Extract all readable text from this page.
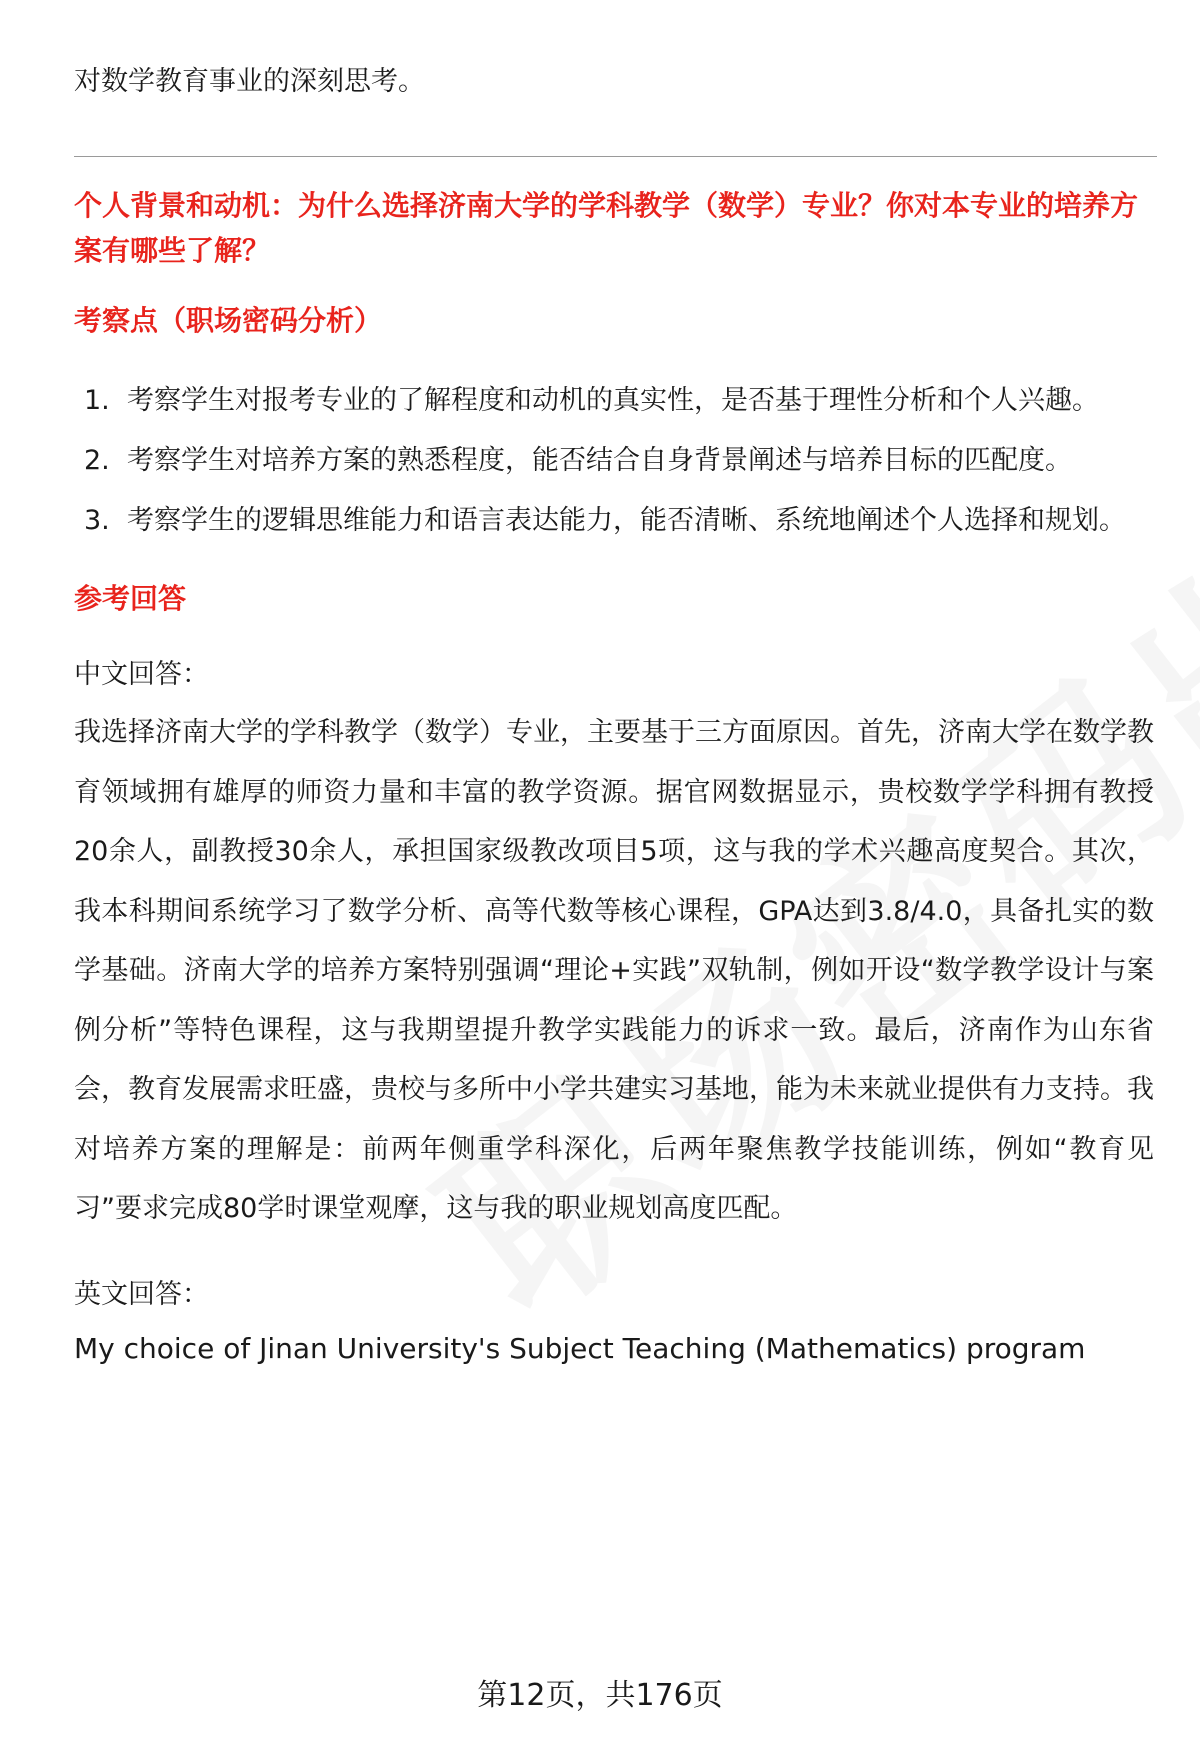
对数学教育事业的深刻思考。

个人背景和动机：为什么选择济南大学的学科教学（数学）专业？你对本专业的培养方案有哪些了解？

考察点（职场密码分析）

1. 考察学生对报考专业的了解程度和动机的真实性，是否基于理性分析和个人兴趣。
2. 考察学生对培养方案的熟悉程度，能否结合自身背景阐述与培养目标的匹配度。
3. 考察学生的逻辑思维能力和语言表达能力，能否清晰、系统地阐述个人选择和规划。

参考回答

中文回答：

我选择济南大学的学科教学（数学）专业，主要基于三方面原因。首先，济南大学在数学教育领域拥有雄厚的师资力量和丰富的教学资源。据官网数据显示，贵校数学学科拥有教授20余人，副教授30余人，承担国家级教改项目5项，这与我的学术兴趣高度契合。其次，我本科期间系统学习了数学分析、高等代数等核心课程，GPA达到3.8/4.0，具备扎实的数学基础。济南大学的培养方案特别强调“理论+实践”双轨制，例如开设“数学教学设计与案例分析”等特色课程，这与我期望提升教学实践能力的诉求一致。最后，济南作为山东省会，教育发展需求旺盛，贵校与多所中小学共建实习基地，能为未来就业提供有力支持。我对培养方案的理解是：前两年侧重学科深化，后两年聚焦教学技能训练，例如“教育见习”要求完成80学时课堂观摩，这与我的职业规划高度匹配。

英文回答：

My choice of Jinan University's Subject Teaching (Mathematics) program

第12页，共176页
